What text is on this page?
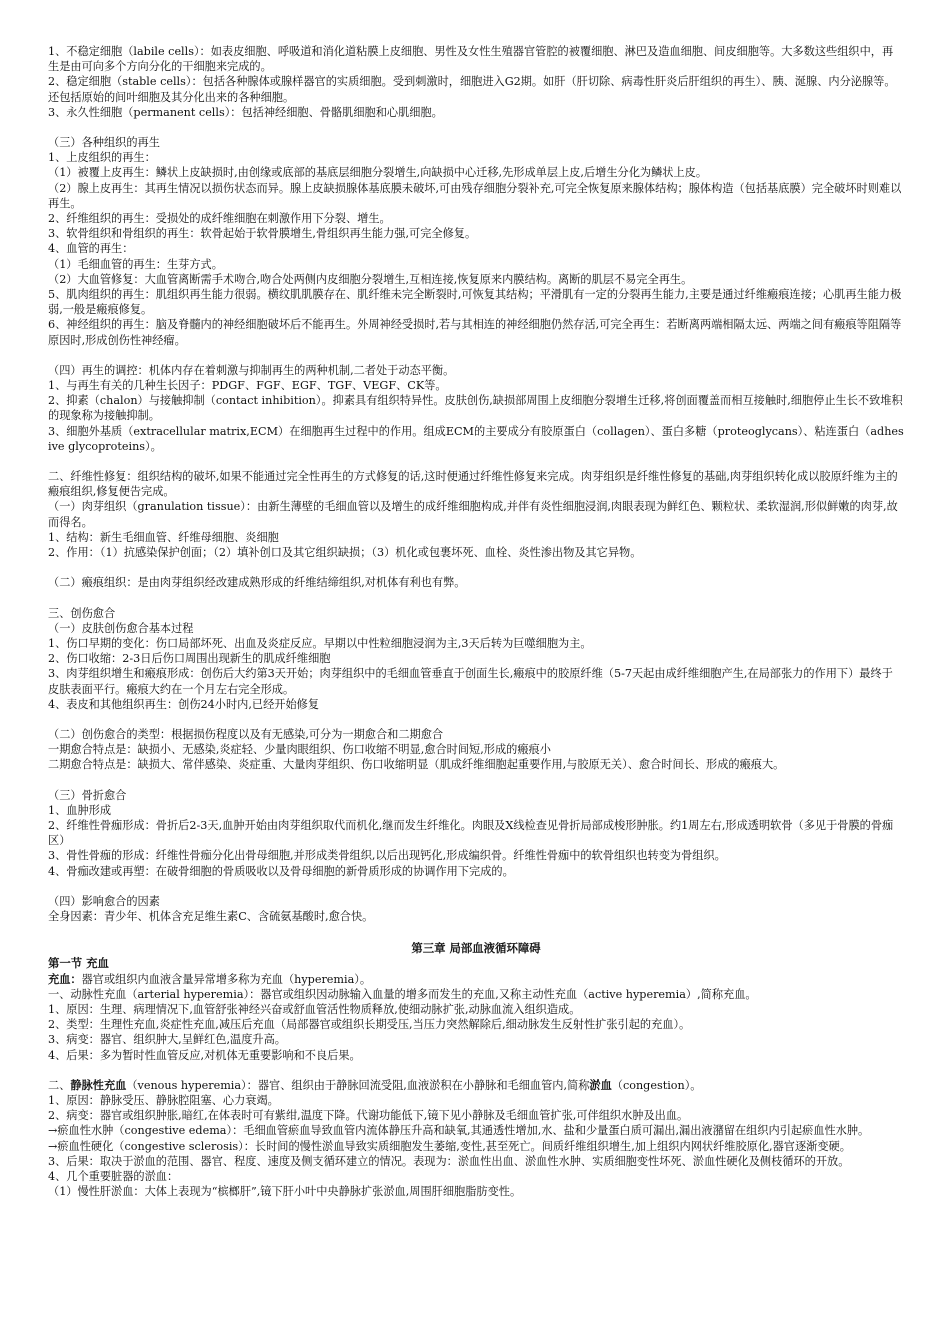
1、不稳定细胞（labile cells）：如表皮细胞、呼吸道和消化道粘膜上皮细胞、男性及女性生殖器官管腔的被覆细胞、淋巴及造血细胞、间皮细胞等。大多数这些组织中，再生是由可向多个方向分化的干细胞来完成的。
2、稳定细胞（stable cells）：包括各种腺体或腺样器官的实质细胞。受到刺激时，细胞进入G2期。如肝（肝切除、病毒性肝炎后肝组织的再生）、胰、涎腺、内分泌腺等。还包括原始的间叶细胞及其分化出来的各种细胞。
3、永久性细胞（permanent cells）：包括神经细胞、骨骼肌细胞和心肌细胞。
（三）各种组织的再生
1、上皮组织的再生：
（1）被覆上皮再生：鳞状上皮缺损时,由创缘或底部的基底层细胞分裂增生,向缺损中心迁移,先形成单层上皮,后增生分化为鳞状上皮。
（2）腺上皮再生：其再生情况以损伤状态而异。腺上皮缺损腺体基底膜未破坏,可由残存细胞分裂补充,可完全恢复原来腺体结构；腺体构造（包括基底膜）完全破坏时则难以再生。
2、纤维组织的再生：受损处的成纤维细胞在刺激作用下分裂、增生。
3、软骨组织和骨组织的再生：软骨起始于软骨膜增生,骨组织再生能力强,可完全修复。
4、血管的再生：
（1）毛细血管的再生：生芽方式。
（2）大血管修复：大血管离断需手术吻合,吻合处两侧内皮细胞分裂增生,互相连接,恢复原来内膜结构。离断的肌层不易完全再生。
5、肌肉组织的再生：肌组织再生能力很弱。横纹肌肌膜存在、肌纤维未完全断裂时,可恢复其结构；平滑肌有一定的分裂再生能力,主要是通过纤维瘢痕连接；心肌再生能力极弱,一般是瘢痕修复。
6、神经组织的再生：脑及脊髓内的神经细胞破坏后不能再生。外周神经受损时,若与其相连的神经细胞仍然存活,可完全再生：若断离两端相隔太远、两端之间有瘢痕等阻隔等原因时,形成创伤性神经瘤。
（四）再生的调控：机体内存在着刺激与抑制再生的两种机制,二者处于动态平衡。
1、与再生有关的几种生长因子：PDGF、FGF、EGF、TGF、VEGF、CK等。
2、抑素（chalon）与接触抑制（contact inhibition）。抑素具有组织特异性。皮肤创伤,缺损部周围上皮细胞分裂增生迁移,将创面覆盖而相互接触时,细胞停止生长不致堆积的现象称为接触抑制。
3、细胞外基质（extracellular matrix,ECM）在细胞再生过程中的作用。组成ECM的主要成分有胶原蛋白（collagen）、蛋白多糖（proteoglycans）、粘连蛋白（adhesive glycoproteins）。
二、纤维性修复：组织结构的破坏,如果不能通过完全性再生的方式修复的话,这时便通过纤维性修复来完成。肉芽组织是纤维性修复的基础,肉芽组织转化成以胶原纤维为主的瘢痕组织,修复便告完成。
（一）肉芽组织（granulation tissue）：由新生薄壁的毛细血管以及增生的成纤维细胞构成,并伴有炎性细胞浸润,肉眼表现为鲜红色、颗粒状、柔软湿润,形似鲜嫩的肉芽,故而得名。
1、结构：新生毛细血管、纤维母细胞、炎细胞
2、作用：（1）抗感染保护创面；（2）填补创口及其它组织缺损；（3）机化或包裹坏死、血栓、炎性渗出物及其它异物。
（二）瘢痕组织：是由肉芽组织经改建成熟形成的纤维结缔组织,对机体有利也有弊。
三、创伤愈合
（一）皮肤创伤愈合基本过程
1、伤口早期的变化：伤口局部坏死、出血及炎症反应。早期以中性粒细胞浸润为主,3天后转为巨噬细胞为主。
2、伤口收缩：2-3日后伤口周围出现新生的肌成纤维细胞
3、肉芽组织增生和瘢痕形成：创伤后大约第3天开始；肉芽组织中的毛细血管垂直于创面生长,瘢痕中的胶原纤维（5-7天起由成纤维细胞产生,在局部张力的作用下）最终于皮肤表面平行。瘢痕大约在一个月左右完全形成。
4、表皮和其他组织再生：创伤24小时内,已经开始修复
（二）创伤愈合的类型：根据损伤程度以及有无感染,可分为一期愈合和二期愈合
一期愈合特点是：缺损小、无感染,炎症轻、少量肉眼组织、伤口收缩不明显,愈合时间短,形成的瘢痕小
二期愈合特点是：缺损大、常伴感染、炎症重、大量肉芽组织、伤口收缩明显（肌成纤维细胞起重要作用,与胶原无关）、愈合时间长、形成的瘢痕大。
（三）骨折愈合
1、血肿形成
2、纤维性骨痂形成：骨折后2-3天,血肿开始由肉芽组织取代而机化,继而发生纤维化。肉眼及X线检查见骨折局部成梭形肿胀。约1周左右,形成透明软骨（多见于骨膜的骨痂区）
3、骨性骨痂的形成：纤维性骨痂分化出骨母细胞,并形成类骨组织,以后出现钙化,形成编织骨。纤维性骨痂中的软骨组织也转变为骨组织。
4、骨痂改建或再塑：在破骨细胞的骨质吸收以及骨母细胞的新骨质形成的协调作用下完成的。
（四）影响愈合的因素
全身因素：青少年、机体含充足维生素C、含硫氨基酸时,愈合快。
第三章 局部血液循环障碍
第一节 充血
充血：器官或组织内血液含量异常增多称为充血（hyperemia）。
一、动脉性充血（arterial hyperemia）：器官或组织因动脉输入血量的增多而发生的充血,又称主动性充血（active hyperemia）,简称充血。
1、原因：生理、病理情况下,血管舒张神经兴奋或舒血管活性物质释放,使细动脉扩张,动脉血流入组织造成。
2、类型：生理性充血,炎症性充血,减压后充血（局部器官或组织长期受压,当压力突然解除后,细动脉发生反射性扩张引起的充血）。
3、病变：器官、组织肿大,呈鲜红色,温度升高。
4、后果：多为暂时性血管反应,对机体无重要影响和不良后果。
二、静脉性充血（venous hyperemia）：器官、组织由于静脉回流受阻,血液淤积在小静脉和毛细血管内,简称淤血（congestion）。
1、原因：静脉受压、静脉腔阻塞、心力衰竭。
2、病变：器官或组织肿胀,暗红,在体表时可有紫绀,温度下降。代谢功能低下,镜下见小静脉及毛细血管扩张,可伴组织水肿及出血。
→瘀血性水肿（congestive edema）：毛细血管瘀血导致血管内流体静压升高和缺氧,其通透性增加,水、盐和少量蛋白质可漏出,漏出液潴留在组织内引起瘀血性水肿。
→瘀血性硬化（congestive sclerosis）：长时间的慢性淤血导致实质细胞发生萎缩,变性,甚至死亡。间质纤维组织增生,加上组织内网状纤维胶原化,器官逐渐变硬。
3、后果：取决于淤血的范围、器官、程度、速度及侧支循环建立的情况。表现为：淤血性出血、淤血性水肿、实质细胞变性坏死、淤血性硬化及侧枝循环的开放。
4、几个重要脏器的淤血：
（1）慢性肝淤血：大体上表现为“槟榔肝”,镜下肝小叶中央静脉扩张淤血,周围肝细胞脂肪变性。
